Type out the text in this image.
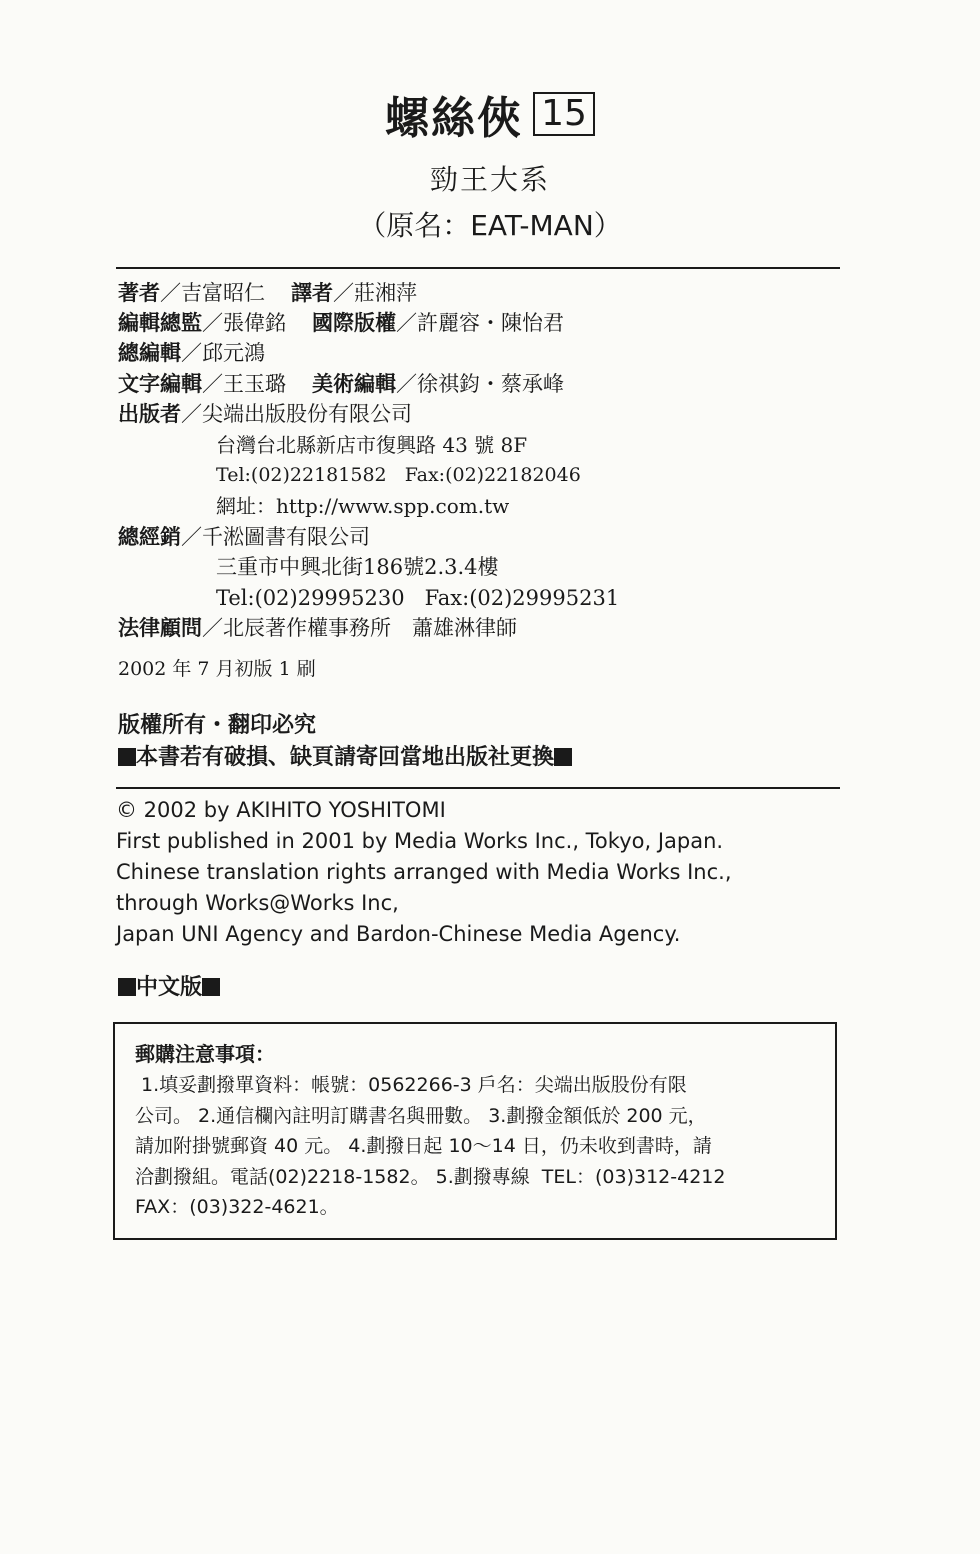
螺絲俠 15
勁王大系
（原名：EAT-MAN）
著者／吉富昭仁 譯者／莊湘萍
編輯總監／張偉銘 國際版權／許麗容・陳怡君
總編輯／邱元鴻
文字編輯／王玉璐 美術編輯／徐祺鈞・蔡承峰
出版者／尖端出版股份有限公司
台灣台北縣新店市復興路 43 號 8F
Tel:(02)22181582   Fax:(02)22182046
網址：http://www.spp.com.tw
總經銷／千淞圖書有限公司
三重市中興北街186號2.3.4樓
Tel:(02)29995230   Fax:(02)29995231
法律顧問／北辰著作權事務所　蕭雄淋律師
2002 年 7 月初版 1 刷
版權所有・翻印必究
本書若有破損、缺頁請寄回當地出版社更換
© 2002 by AKIHITO YOSHITOMI
First published in 2001 by Media Works Inc., Tokyo, Japan.
Chinese translation rights arranged with Media Works Inc.,
through Works@Works Inc,
Japan UNI Agency and Bardon-Chinese Media Agency.
中文版
郵購注意事項：
1.填妥劃撥單資料：帳號：0562266-3 戶名：尖端出版股份有限
公司。 2.通信欄內註明訂購書名與冊數。 3.劃撥金額低於 200 元，
請加附掛號郵資 40 元。 4.劃撥日起 10～14 日，仍未收到書時，請
洽劃撥組。電話(02)2218-1582。 5.劃撥專線  TEL：(03)312-4212
FAX：(03)322-4621。
